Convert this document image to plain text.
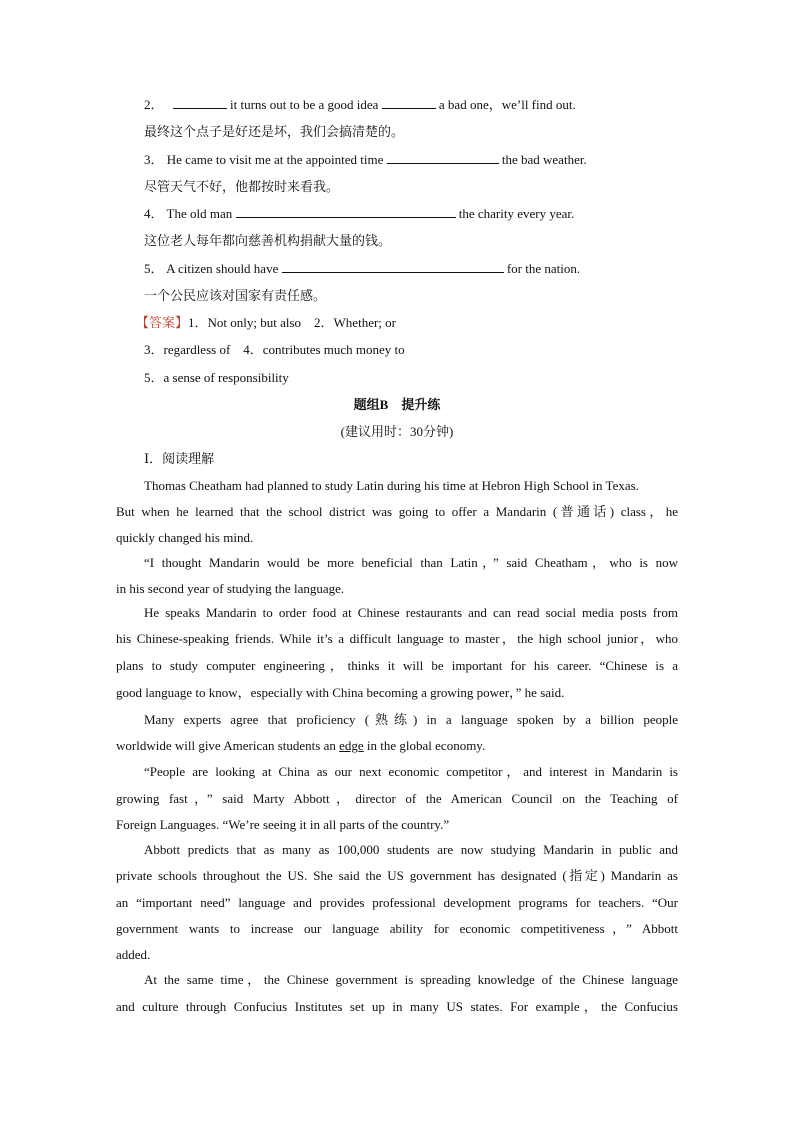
2．	it turns out to be a good idea	a bad one，we’ll find out.
最终这个点子是好还是坏，我们会搞清楚的。
3． He came to visit me at the appointed time	the bad weather.
尽管天气不好，他都按时来看我。
4． The old man	the charity every year.
这位老人每年都向慈善机构捐献大量的钱。
5． A citizen should have	for the nation.
一个公民应该对国家有责任感。
【答案】1．Not only; but also　2．Whether; or
3．regardless of　4．contributes much money to
5．a sense of responsibility
题组B　提升练
(建议用时：30分钟)
Ⅰ．阅读理解
Thomas Cheatham had planned to study Latin during his time at Hebron High School in Texas.
But when he learned that the school district was going to offer a Mandarin (普通话) class，he
quickly changed his mind.
“I thought Mandarin would be more beneficial than Latin，” said Cheatham，who is now
in his second year of studying the language.
He speaks Mandarin to order food at Chinese restaurants and can read social media posts from
his Chinese-speaking friends. While it’s a difficult language to master，the high school junior，who
plans to study computer engineering，thinks it will be important for his career. “Chinese is a
good language to know，especially with China becoming a growing power，” he said.
Many experts agree that proficiency (熟练) in a language spoken by a billion people
worldwide will give American students an edge in the global economy.
“People are looking at China as our next economic competitor，and interest in Mandarin is
growing fast，” said Marty Abbott，director of the American Council on the Teaching of
Foreign Languages. “We’re seeing it in all parts of the country.”
Abbott predicts that as many as 100,000 students are now studying Mandarin in public and
private schools throughout the US. She said the US government has designated (指定) Mandarin as
an “important need” language and provides professional development programs for teachers. “Our
government wants to increase our language ability for economic competitiveness，” Abbott
added.
At the same time，the Chinese government is spreading knowledge of the Chinese language
and culture through Confucius Institutes set up in many US states. For example，the Confucius
